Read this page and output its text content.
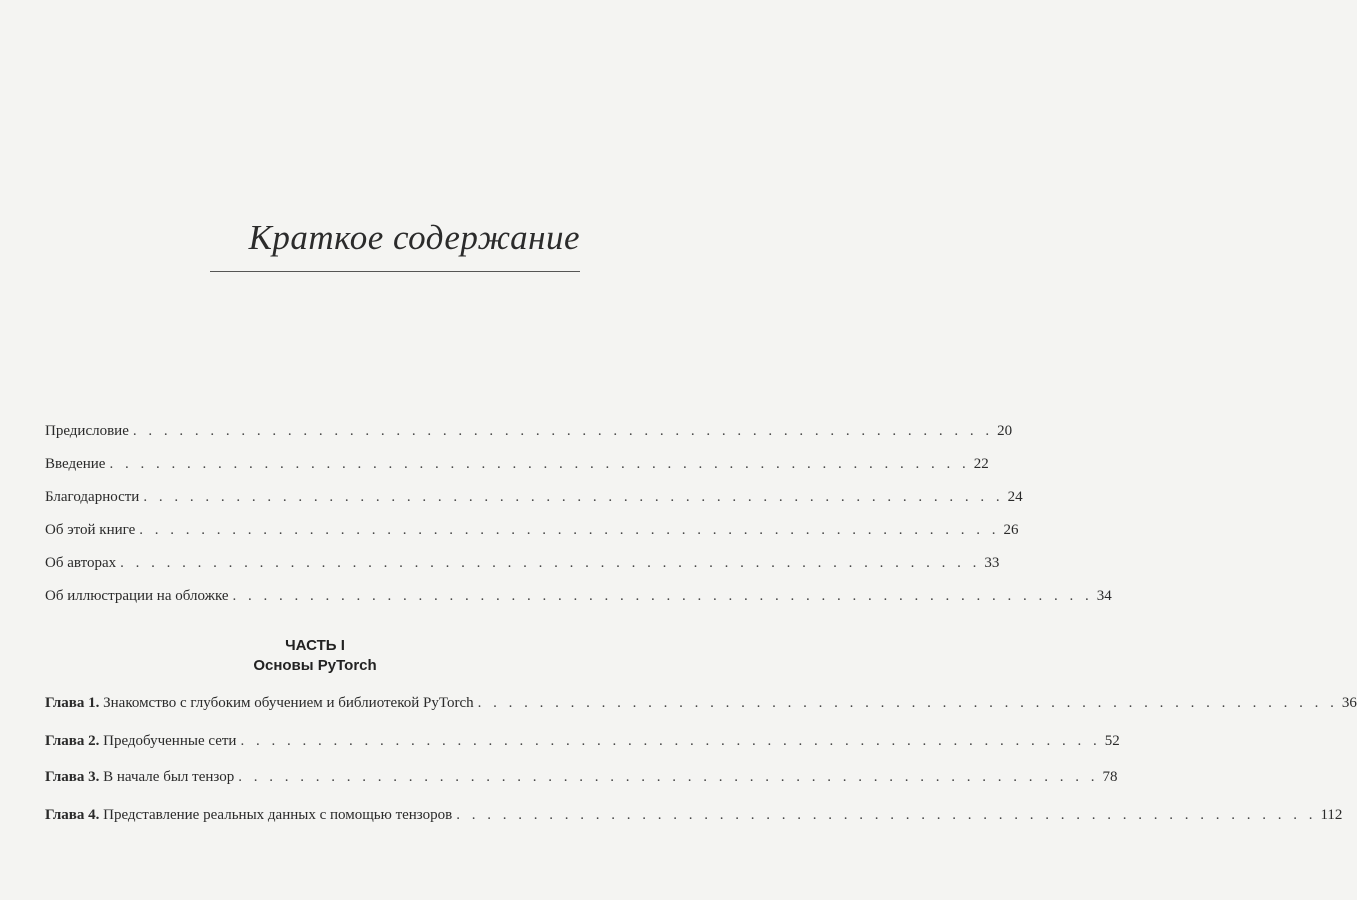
Краткое содержание
Предисловие . . . . . . . . . . . . . . . . . . . . . . . . . . . . . . . . . . . . . . . . . . . . . . . . . . . . . . . . 20
Введение . . . . . . . . . . . . . . . . . . . . . . . . . . . . . . . . . . . . . . . . . . . . . . . . . . . . . . . . 22
Благодарности . . . . . . . . . . . . . . . . . . . . . . . . . . . . . . . . . . . . . . . . . . . . . . . . . . . . . . . . 24
Об этой книге . . . . . . . . . . . . . . . . . . . . . . . . . . . . . . . . . . . . . . . . . . . . . . . . . . . . . . . . 26
Об авторах . . . . . . . . . . . . . . . . . . . . . . . . . . . . . . . . . . . . . . . . . . . . . . . . . . . . . . . . 33
Об иллюстрации на обложке . . . . . . . . . . . . . . . . . . . . . . . . . . . . . . . . . . . . . . . . . . . . . . . . . . . . . . . . 34
ЧАСТЬ I
Основы PyTorch
Глава 1. Знакомство с глубоким обучением и библиотекой PyTorch . . . . . . . . . . . . . . . . . . . . . . . . . . . . . . . . . . . . . . . . . . . . . . . . . . . . . . . . 36
Глава 2. Предобученные сети . . . . . . . . . . . . . . . . . . . . . . . . . . . . . . . . . . . . . . . . . . . . . . . . . . . . . . . . 52
Глава 3. В начале был тензор . . . . . . . . . . . . . . . . . . . . . . . . . . . . . . . . . . . . . . . . . . . . . . . . . . . . . . . . 78
Глава 4. Представление реальных данных с помощью тензоров . . . . . . . . . . . . . . . . . . . . . . . . . . . . . . . . . . . . . . . . . . . . . . . . . . . . . . . . 112
